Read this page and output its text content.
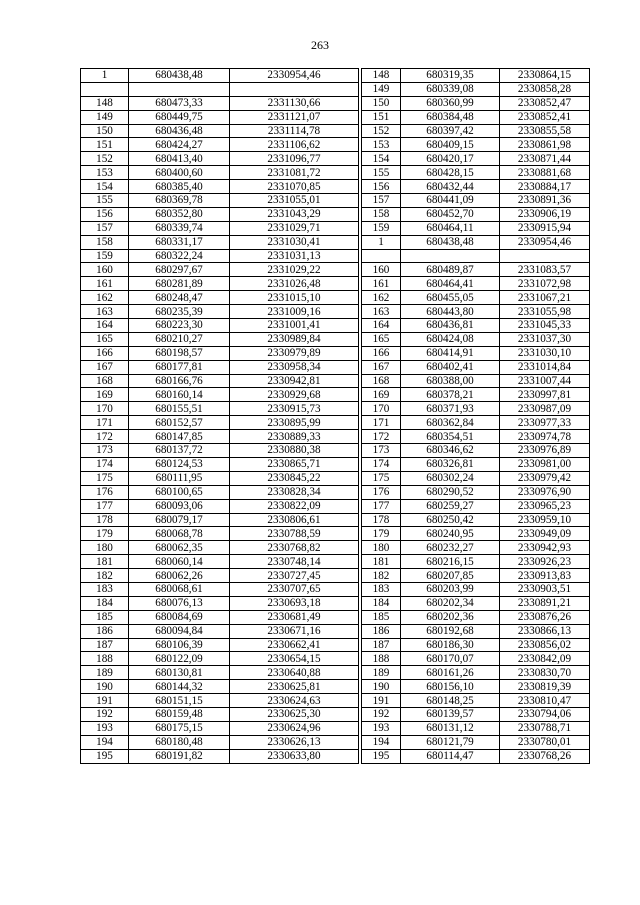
263
1	680438,48	2330954,46

148	680473,33	2331130,66
149	680449,75	2331121,07
150	680436,48	2331114,78
151	680424,27	2331106,62
152	680413,40	2331096,77
153	680400,60	2331081,72
154	680385,40	2331070,85
155	680369,78	2331055,01
156	680352,80	2331043,29
157	680339,74	2331029,71
158	680331,17	2331030,41
159	680322,24	2331031,13
160	680297,67	2331029,22
161	680281,89	2331026,48
162	680248,47	2331015,10
163	680235,39	2331009,16
164	680223,30	2331001,41
165	680210,27	2330989,84
166	680198,57	2330979,89
167	680177,81	2330958,34
168	680166,76	2330942,81
169	680160,14	2330929,68
170	680155,51	2330915,73
171	680152,57	2330895,99
172	680147,85	2330889,33
173	680137,72	2330880,38
174	680124,53	2330865,71
175	680111,95	2330845,22
176	680100,65	2330828,34
177	680093,06	2330822,09
178	680079,17	2330806,61
179	680068,78	2330788,59
180	680062,35	2330768,82
181	680060,14	2330748,14
182	680062,26	2330727,45
183	680068,61	2330707,65
184	680076,13	2330693,18
185	680084,69	2330681,49
186	680094,84	2330671,16
187	680106,39	2330662,41
188	680122,09	2330654,15
189	680130,81	2330640,88
190	680144,32	2330625,81
191	680151,15	2330624,63
192	680159,48	2330625,30
193	680175,15	2330624,96
194	680180,48	2330626,13
195	680191,82	2330633,80
148	680319,35	2330864,15
149	680339,08	2330858,28
150	680360,99	2330852,47
151	680384,48	2330852,41
152	680397,42	2330855,58
153	680409,15	2330861,98
154	680420,17	2330871,44
155	680428,15	2330881,68
156	680432,44	2330884,17
157	680441,09	2330891,36
158	680452,70	2330906,19
159	680464,11	2330915,94
1	680438,48	2330954,46

160	680489,87	2331083,57
161	680464,41	2331072,98
162	680455,05	2331067,21
163	680443,80	2331055,98
164	680436,81	2331045,33
165	680424,08	2331037,30
166	680414,91	2331030,10
167	680402,41	2331014,84
168	680388,00	2331007,44
169	680378,21	2330997,81
170	680371,93	2330987,09
171	680362,84	2330977,33
172	680354,51	2330974,78
173	680346,62	2330976,89
174	680326,81	2330981,00
175	680302,24	2330979,42
176	680290,52	2330976,90
177	680259,27	2330965,23
178	680250,42	2330959,10
179	680240,95	2330949,09
180	680232,27	2330942,93
181	680216,15	2330926,23
182	680207,85	2330913,83
183	680203,99	2330903,51
184	680202,34	2330891,21
185	680202,36	2330876,26
186	680192,68	2330866,13
187	680186,30	2330856,02
188	680170,07	2330842,09
189	680161,26	2330830,70
190	680156,10	2330819,39
191	680148,25	2330810,47
192	680139,57	2330794,06
193	680131,12	2330788,71
194	680121,79	2330780,01
195	680114,47	2330768,26
